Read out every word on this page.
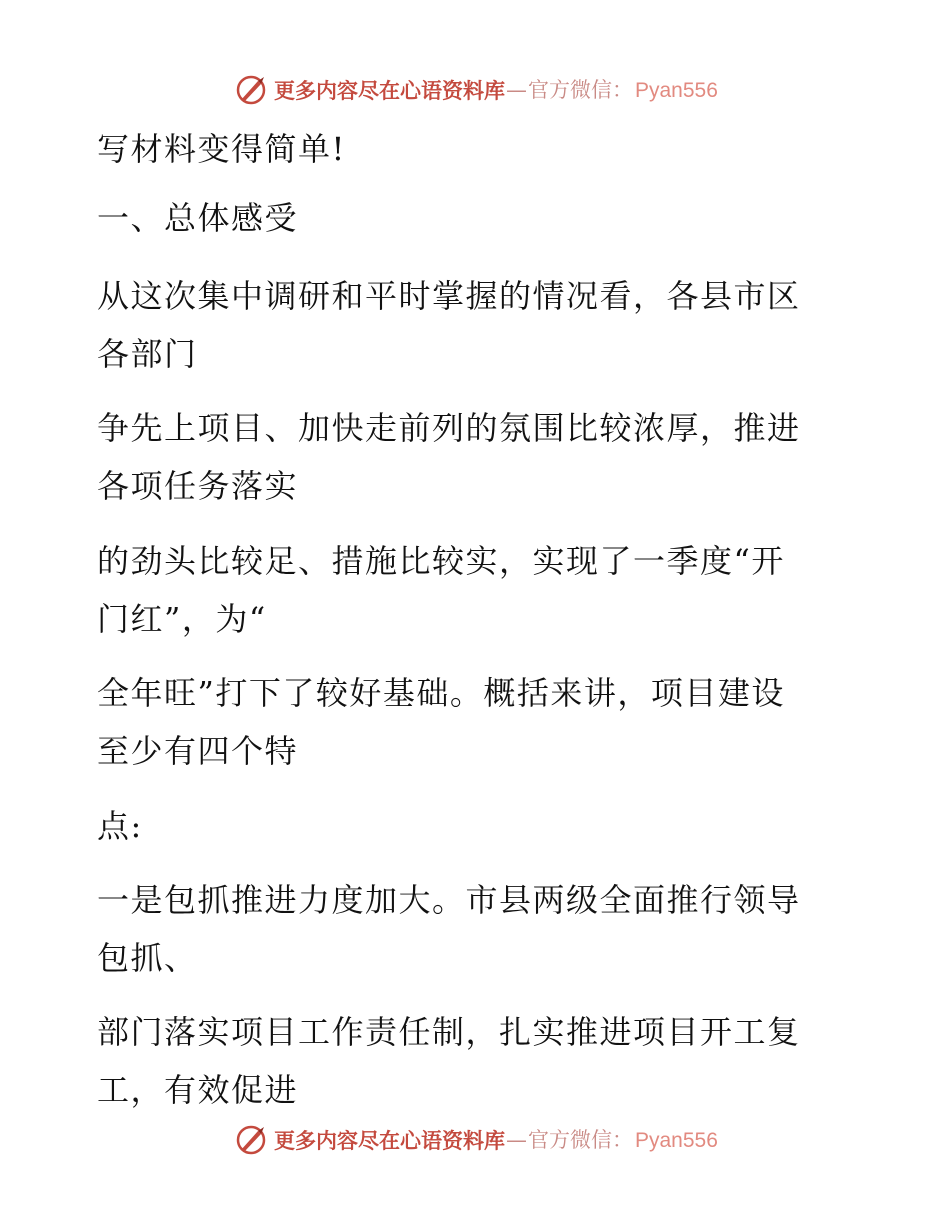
更多内容尽在心语资料库 — 官方微信： Pyan556
写材料变得简单!
一、总体感受
从这次集中调研和平时掌握的情况看，各县市区
各部门
争先上项目、加快走前列的氛围比较浓厚，推进
各项任务落实
的劲头比较足、措施比较实，实现了一季度“开
门红”，为“
全年旺”打下了较好基础。概括来讲，项目建设
至少有四个特
点:
一是包抓推进力度加大。市县两级全面推行领导
包抓、
部门落实项目工作责任制，扎实推进项目开工复
工，有效促进
更多内容尽在心语资料库 — 官方微信： Pyan556
